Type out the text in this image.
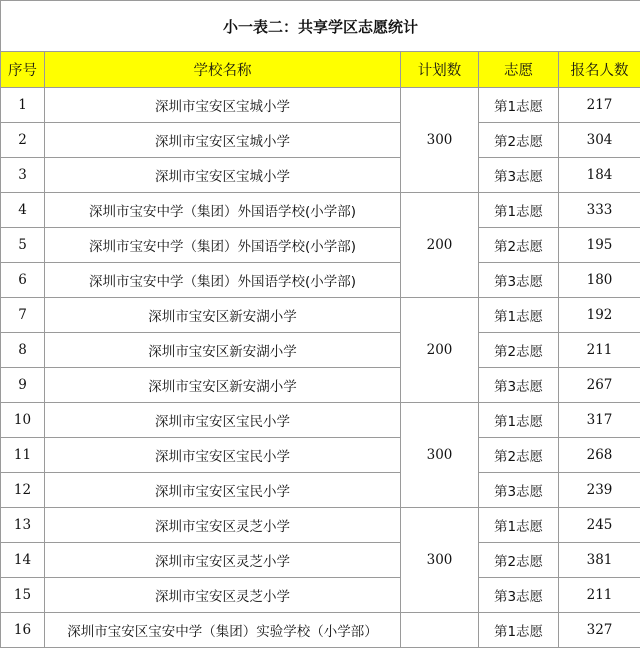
小一表二：共享学区志愿统计				
序号	学校名称	计划数	志愿	报名人数
1	深圳市宝安区宝城小学	300	第1志愿	217
2	深圳市宝安区宝城小学		第2志愿	304
3	深圳市宝安区宝城小学		第3志愿	184
4	深圳市宝安中学（集团）外国语学校(小学部)	200	第1志愿	333
5	深圳市宝安中学（集团）外国语学校(小学部)		第2志愿	195
6	深圳市宝安中学（集团）外国语学校(小学部)		第3志愿	180
7	深圳市宝安区新安湖小学	200	第1志愿	192
8	深圳市宝安区新安湖小学		第2志愿	211
9	深圳市宝安区新安湖小学		第3志愿	267
10	深圳市宝安区宝民小学	300	第1志愿	317
11	深圳市宝安区宝民小学		第2志愿	268
12	深圳市宝安区宝民小学		第3志愿	239
13	深圳市宝安区灵芝小学	300	第1志愿	245
14	深圳市宝安区灵芝小学		第2志愿	381
15	深圳市宝安区灵芝小学		第3志愿	211
16	深圳市宝安区宝安中学（集团）实验学校（小学部）		第1志愿	327
